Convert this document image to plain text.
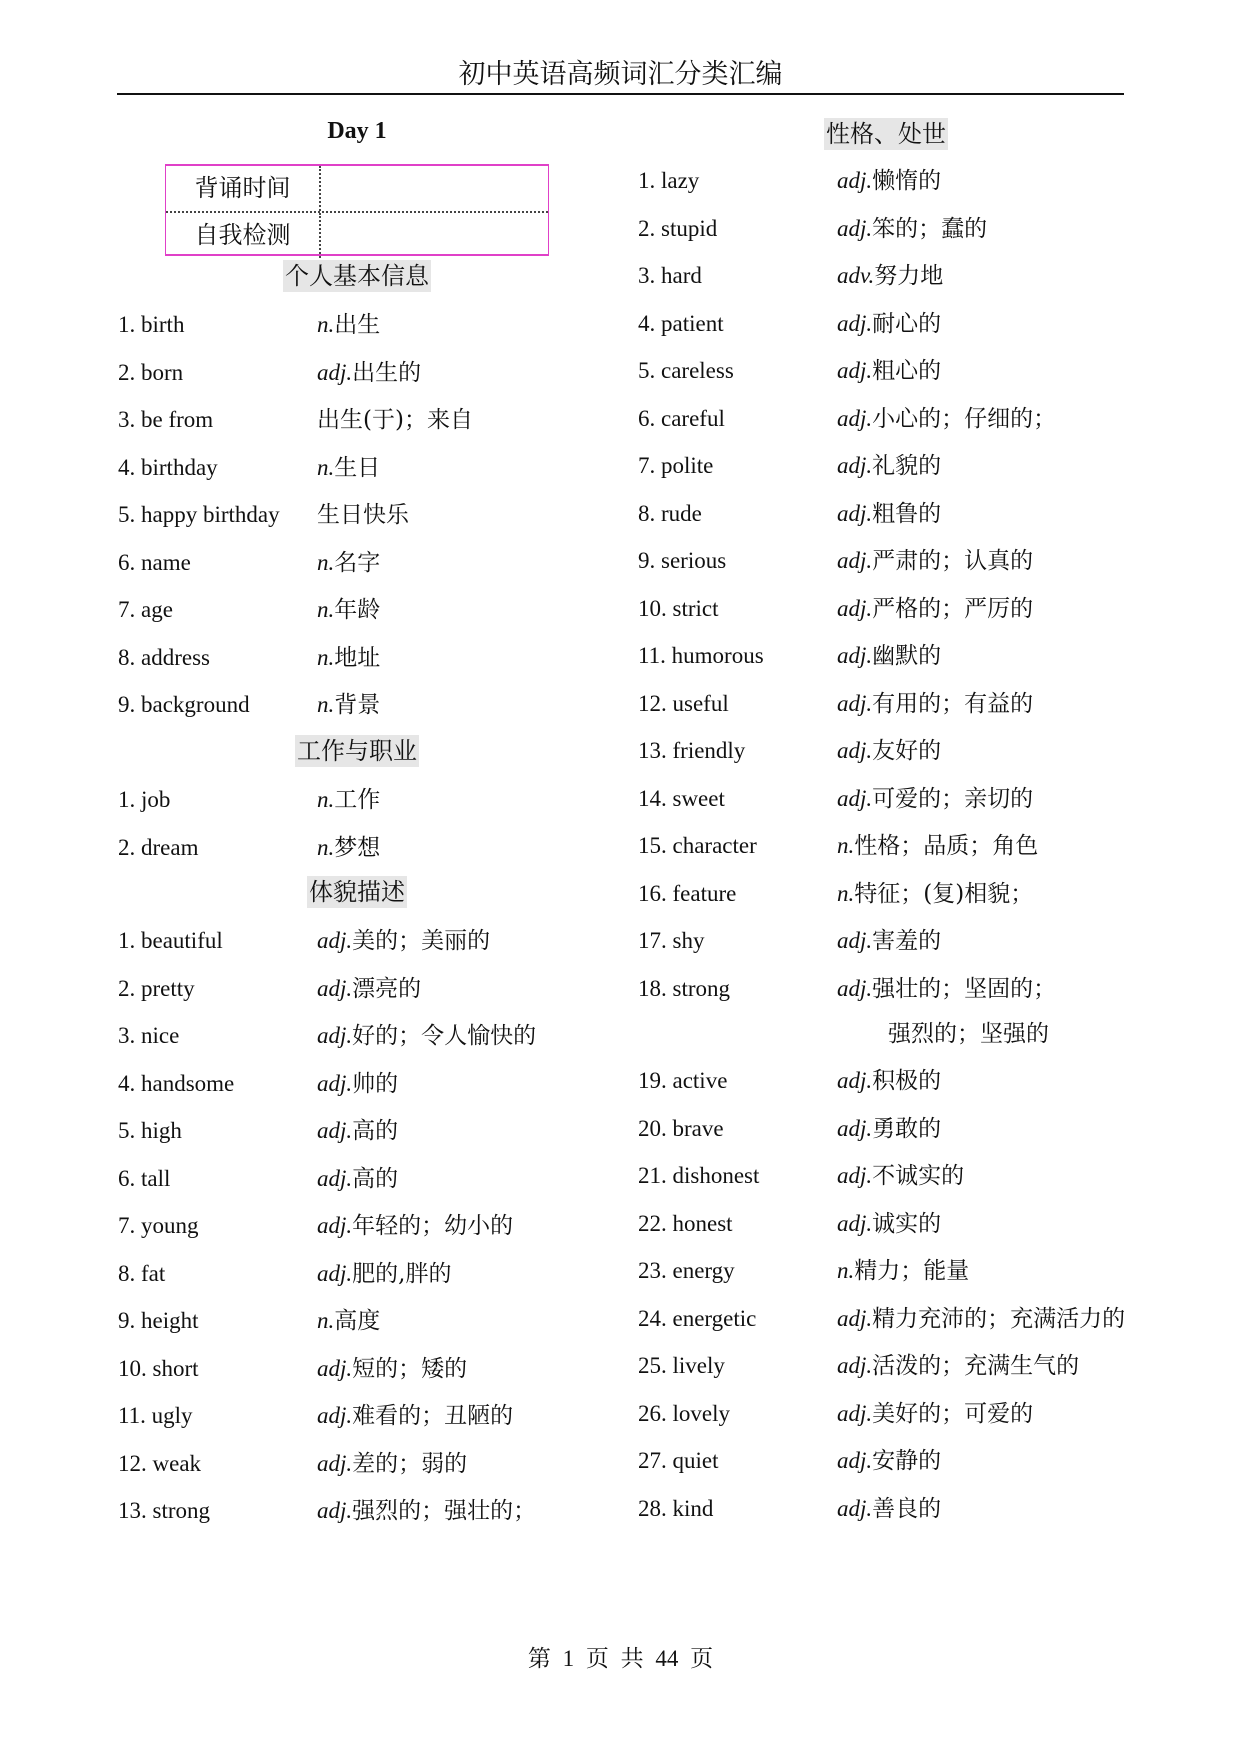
初中英语高频词汇分类汇编
Day 1
背诵时间
自我检测
个人基本信息
1. birth	n.出生
2. born	adj.出生的
3. be from	出生(于)；来自
4. birthday	n.生日
5. happy birthday 生日快乐
6. name	n.名字
7. age	n.年龄
8. address	n.地址
9. background	n.背景
工作与职业
1. job	n.工作
2. dream	n.梦想
体貌描述
1. beautiful	adj.美的；美丽的
2. pretty	adj.漂亮的
3. nice	adj.好的；令人愉快的
4. handsome	adj.帅的
5. high	adj.高的
6. tall	adj.高的
7. young	adj.年轻的；幼小的
8. fat	adj.肥的,胖的
9. height	n.高度
10. short	adj.短的；矮的
11. ugly	adj.难看的；丑陋的
12. weak	adj.差的；弱的
13. strong	adj.强烈的；强壮的；
性格、处世
1. lazy	adj.懒惰的
2. stupid	adj.笨的；蠢的
3. hard	adv.努力地
4. patient	adj.耐心的
5. careless	adj.粗心的
6. careful	adj.小心的；仔细的；
7. polite	adj.礼貌的
8. rude	adj.粗鲁的
9. serious	adj.严肃的；认真的
10. strict	adj.严格的；严厉的
11. humorous	adj.幽默的
12. useful	adj.有用的；有益的
13. friendly	adj.友好的
14. sweet	adj.可爱的；亲切的
15. character	n.性格；品质；角色
16. feature	n.特征；(复)相貌；
17. shy	adj.害羞的
18. strong	adj.强壮的；坚固的；
强烈的；坚强的
19. active	adj.积极的
20. brave	adj.勇敢的
21. dishonest	adj.不诚实的
22. honest	adj.诚实的
23. energy	n.精力；能量
24. energetic	adj.精力充沛的；充满活力的
25. lively	adj.活泼的；充满生气的
26. lovely	adj.美好的；可爱的
27. quiet	adj.安静的
28. kind	adj.善良的
第 1 页 共 44 页
